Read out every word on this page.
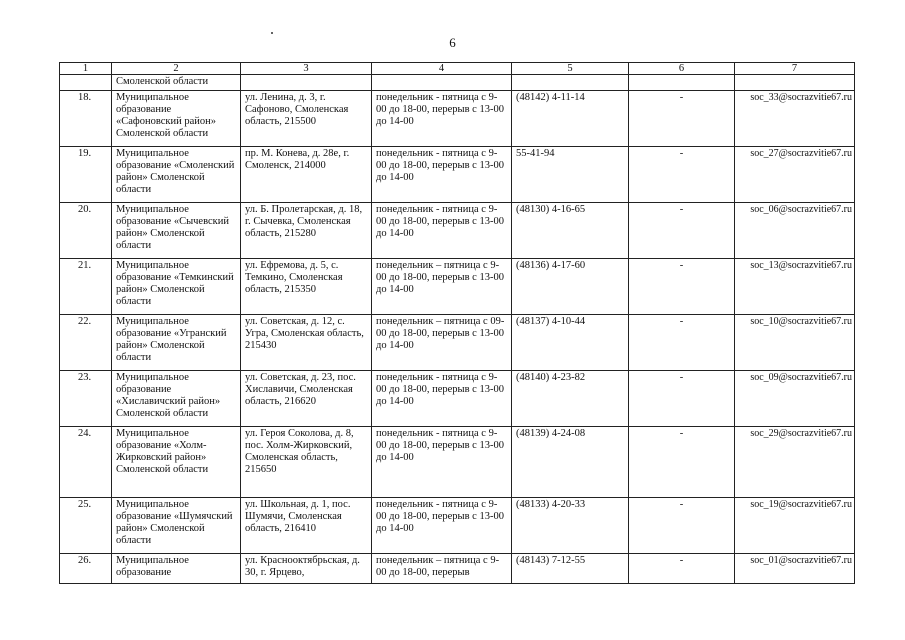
6
1	2	3	4	5	6	7
	Смоленской области					
18.	Муниципальное образование «Сафоновский район» Смоленской области	ул. Ленина, д. 3, г. Сафоново, Смоленская область, 215500	понедельник - пятница с 9-00 до 18-00, перерыв с 13-00 до 14-00	(48142) 4-11-14	-	soc_33@socrazvitie67.ru
19.	Муниципальное образование «Смоленский район» Смоленской области	пр. М. Конева, д. 28е, г. Смоленск, 214000	понедельник - пятница с 9-00 до 18-00, перерыв с 13-00 до 14-00	55-41-94	-	soc_27@socrazvitie67.ru
20.	Муниципальное образование «Сычевский район» Смоленской области	ул. Б. Пролетарская, д. 18, г. Сычевка, Смоленская область, 215280	понедельник - пятница с 9-00 до 18-00, перерыв с 13-00 до 14-00	(48130) 4-16-65	-	soc_06@socrazvitie67.ru
21.	Муниципальное образование «Темкинский район» Смоленской области	ул. Ефремова, д. 5, с. Темкино, Смоленская область, 215350	понедельник – пятница с 9-00 до 18-00, перерыв с 13-00 до 14-00	(48136) 4-17-60	-	soc_13@socrazvitie67.ru
22.	Муниципальное образование «Угранский район» Смоленской области	ул. Советская, д. 12, с. Угра, Смоленская область, 215430	понедельник – пятница с 09-00 до 18-00, перерыв с 13-00 до 14-00	(48137) 4-10-44	-	soc_10@socrazvitie67.ru
23.	Муниципальное образование «Хиславичский район» Смоленской области	ул. Советская, д. 23, пос. Хиславичи, Смоленская область, 216620	понедельник - пятница с 9-00 до 18-00, перерыв с 13-00 до 14-00	(48140) 4-23-82	-	soc_09@socrazvitie67.ru
24.	Муниципальное образование «Холм-Жирковский район» Смоленской области	ул. Героя Соколова, д. 8, пос. Холм-Жирковский, Смоленская область, 215650	понедельник - пятница с 9-00 до 18-00, перерыв с 13-00 до 14-00	(48139) 4-24-08	-	soc_29@socrazvitie67.ru
25.	Муниципальное образование «Шумячский район» Смоленской области	ул. Школьная, д. 1, пос. Шумячи, Смоленская область, 216410	понедельник - пятница с 9-00 до 18-00, перерыв с 13-00 до 14-00	(48133) 4-20-33	-	soc_19@socrazvitie67.ru
26.	Муниципальное образование	ул. Краснооктябрьская, д. 30, г. Ярцево,	понедельник – пятница с 9-00 до 18-00, перерыв	(48143) 7-12-55	-	soc_01@socrazvitie67.ru
